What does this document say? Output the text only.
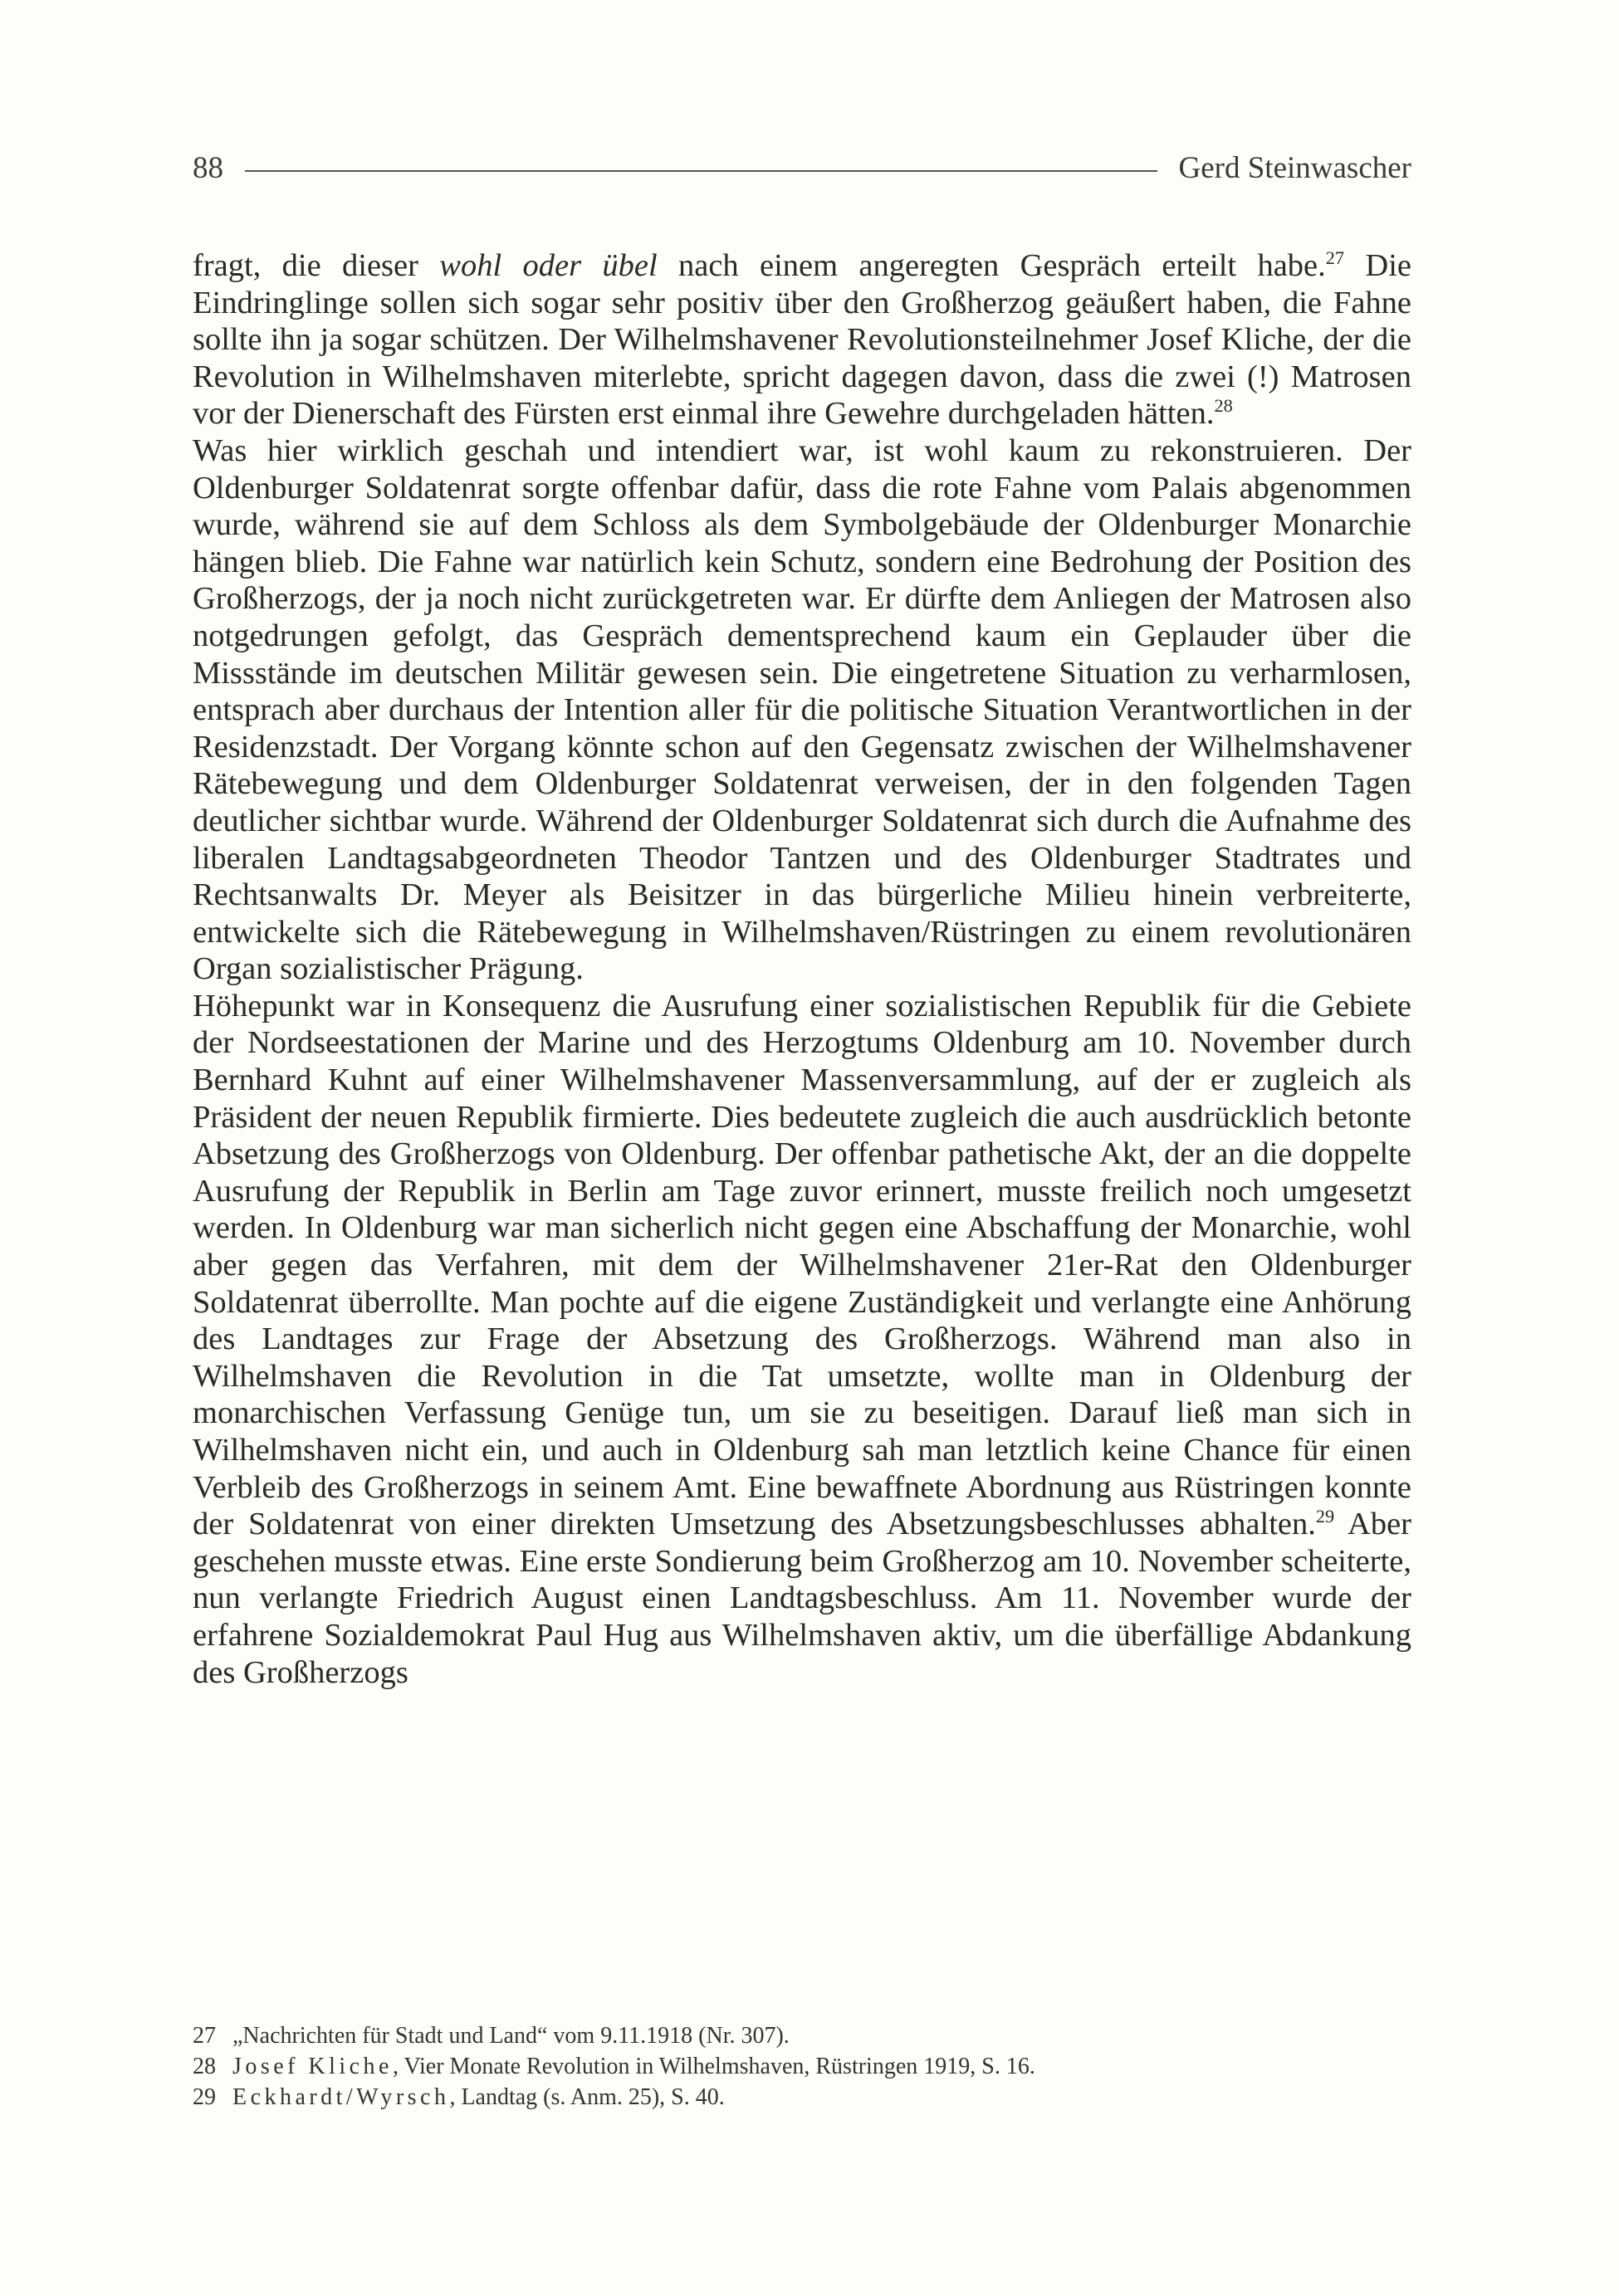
88	Gerd Steinwascher

fragt, die dieser wohl oder übel nach einem angeregten Gespräch erteilt habe.$^{27}$ Die Eindringlinge sollen sich sogar sehr positiv über den Großherzog geäußert haben, die Fahne sollte ihn ja sogar schützen. Der Wilhelmshavener Revolutionsteilnehmer Josef Kliche, der die Revolution in Wilhelmshaven miterlebte, spricht dagegen davon, dass die zwei (!) Matrosen vor der Dienerschaft des Fürsten erst einmal ihre Gewehre durchgeladen hätten.$^{28}$

Was hier wirklich geschah und intendiert war, ist wohl kaum zu rekonstruieren. Der Oldenburger Soldatenrat sorgte offenbar dafür, dass die rote Fahne vom Palais abgenommen wurde, während sie auf dem Schloss als dem Symbolgebäude der Oldenburger Monarchie hängen blieb. Die Fahne war natürlich kein Schutz, sondern eine Bedrohung der Position des Großherzogs, der ja noch nicht zurückgetreten war. Er dürfte dem Anliegen der Matrosen also notgedrungen gefolgt, das Gespräch dementsprechend kaum ein Geplauder über die Missstände im deutschen Militär gewesen sein. Die eingetretene Situation zu verharmlosen, entsprach aber durchaus der Intention aller für die politische Situation Verantwortlichen in der Residenzstadt. Der Vorgang könnte schon auf den Gegensatz zwischen der Wilhelmshavener Rätebewegung und dem Oldenburger Soldatenrat verweisen, der in den folgenden Tagen deutlicher sichtbar wurde. Während der Oldenburger Soldatenrat sich durch die Aufnahme des liberalen Landtagsabgeordneten Theodor Tantzen und des Oldenburger Stadtrates und Rechtsanwalts Dr. Meyer als Beisitzer in das bürgerliche Milieu hinein verbreiterte, entwickelte sich die Rätebewegung in Wilhelmshaven/Rüstringen zu einem revolutionären Organ sozialistischer Prägung.

Höhepunkt war in Konsequenz die Ausrufung einer sozialistischen Republik für die Gebiete der Nordseestationen der Marine und des Herzogtums Oldenburg am 10. November durch Bernhard Kuhnt auf einer Wilhelmshavener Massenversammlung, auf der er zugleich als Präsident der neuen Republik firmierte. Dies bedeutete zugleich die auch ausdrücklich betonte Absetzung des Großherzogs von Oldenburg. Der offenbar pathetische Akt, der an die doppelte Ausrufung der Republik in Berlin am Tage zuvor erinnert, musste freilich noch umgesetzt werden. In Oldenburg war man sicherlich nicht gegen eine Abschaffung der Monarchie, wohl aber gegen das Verfahren, mit dem der Wilhelmshavener 21er-Rat den Oldenburger Soldatenrat überrollte. Man pochte auf die eigene Zuständigkeit und verlangte eine Anhörung des Landtages zur Frage der Absetzung des Großherzogs. Während man also in Wilhelmshaven die Revolution in die Tat umsetzte, wollte man in Oldenburg der monarchischen Verfassung Genüge tun, um sie zu beseitigen. Darauf ließ man sich in Wilhelmshaven nicht ein, und auch in Oldenburg sah man letztlich keine Chance für einen Verbleib des Großherzogs in seinem Amt. Eine bewaffnete Abordnung aus Rüstringen konnte der Soldatenrat von einer direkten Umsetzung des Absetzungsbeschlusses abhalten.$^{29}$ Aber geschehen musste etwas. Eine erste Sondierung beim Großherzog am 10. November scheiterte, nun verlangte Friedrich August einen Landtagsbeschluss. Am 11. November wurde der erfahrene Sozialdemokrat Paul Hug aus Wilhelmshaven aktiv, um die überfällige Abdankung des Großherzogs

27 „Nachrichten für Stadt und Land“ vom 9.11.1918 (Nr. 307).
28 Josef Kliche, Vier Monate Revolution in Wilhelmshaven, Rüstringen 1919, S. 16.
29 Eckhardt/Wyrsch, Landtag (s. Anm. 25), S. 40.
